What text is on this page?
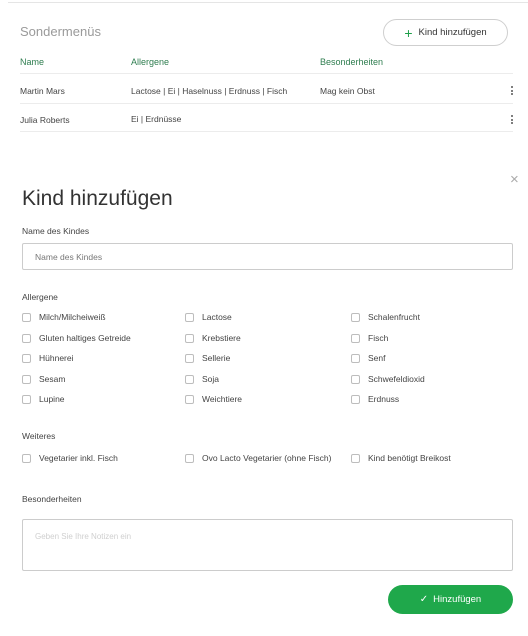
Sondermenüs	+ Kind hinzufügen
Name	Allergene	Besonderheiten
Martin Mars	Lactose | Ei | Haselnuss | Erdnuss | Fisch	Mag kein Obst
Julia Roberts	Ei | Erdnüsse
×
Kind hinzufügen
Name des Kindes
Name des Kindes
Allergene
Milch/Milcheiweiß	Lactose	Schalenfrucht
Gluten haltiges Getreide	Krebstiere	Fisch
Hühnerei	Sellerie	Senf
Sesam	Soja	Schwefeldioxid
Lupine	Weichtiere	Erdnuss
Weiteres
Vegetarier inkl. Fisch	Ovo Lacto Vegetarier (ohne Fisch)	Kind benötigt Breikost
Besonderheiten
Geben Sie Ihre Notizen ein
✓ Hinzufügen
